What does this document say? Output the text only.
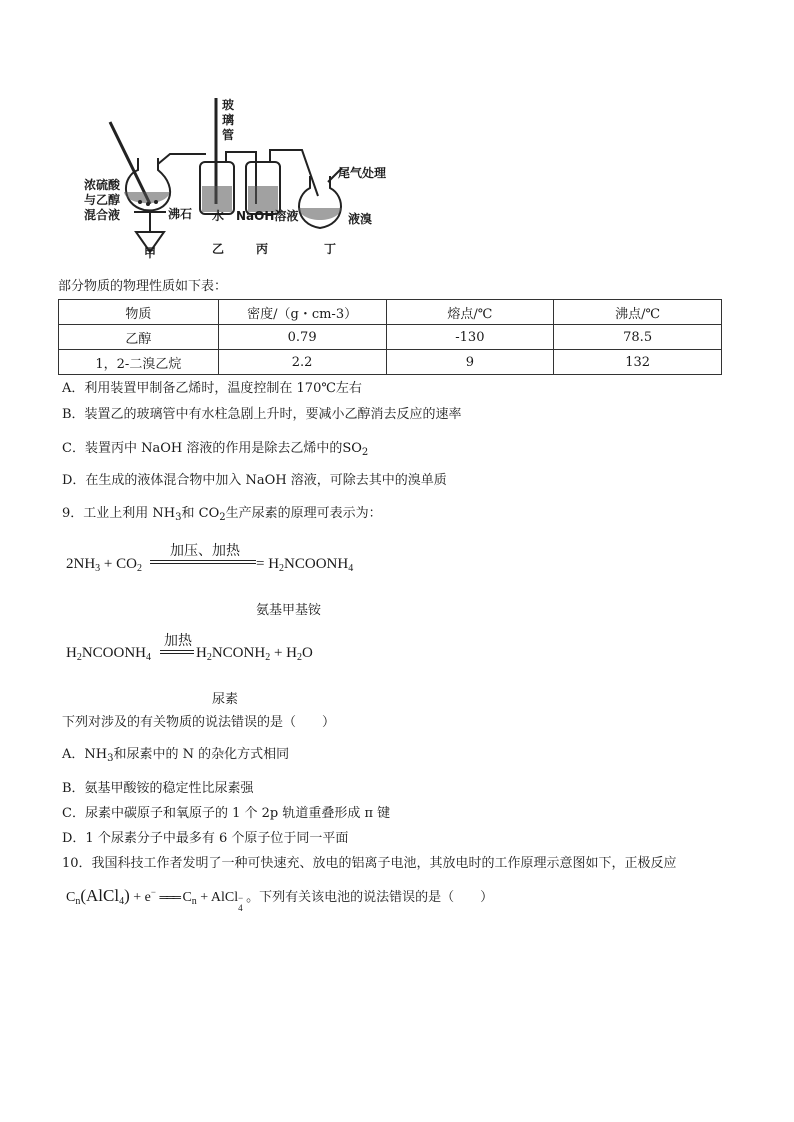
玻璃管
尾气处理
浓硫酸与乙醇混合液	沸石 水 NaOH溶液	液溴
甲	乙	丙	丁
部分物质的物理性质如下表：
物质	密度/（g・cm-3）	熔点/℃	沸点/℃
乙醇	0.79	-130	78.5
1，2-二溴乙烷	2.2	9	132
A．利用装置甲制备乙烯时，温度控制在 170℃左右
B．装置乙的玻璃管中有水柱急剧上升时，要减小乙醇消去反应的速率
C．装置丙中 NaOH 溶液的作用是除去乙烯中的$SO_2$
D．在生成的液体混合物中加入 NaOH 溶液，可除去其中的溴单质
9．工业上利用 $NH_3$和 $CO_2$生产尿素的原理可表示为：
加压、加热
$2NH_3 + CO_2$	= $H_2NCOONH_4$
氨基甲基铵
加热
$H_2NCOONH_4$	$H_2NCONH_2 + H_2O$
尿素
下列对涉及的有关物质的说法错误的是（　　）
A．$NH_3$和尿素中的 N 的杂化方式相同
B．氨基甲酸铵的稳定性比尿素强
C．尿素中碳原子和氧原子的 1 个 2p 轨道重叠形成 π 键
D．1 个尿素分子中最多有 6 个原子位于同一平面
10．我国科技工作者发明了一种可快速充、放电的铝离子电池，其放电时的工作原理示意图如下，正极反应
$C_n(AlCl_4) + e^-$ ═══ $C_n$ + AlCl −
4
。下列有关该电池的说法错误的是（　　）
